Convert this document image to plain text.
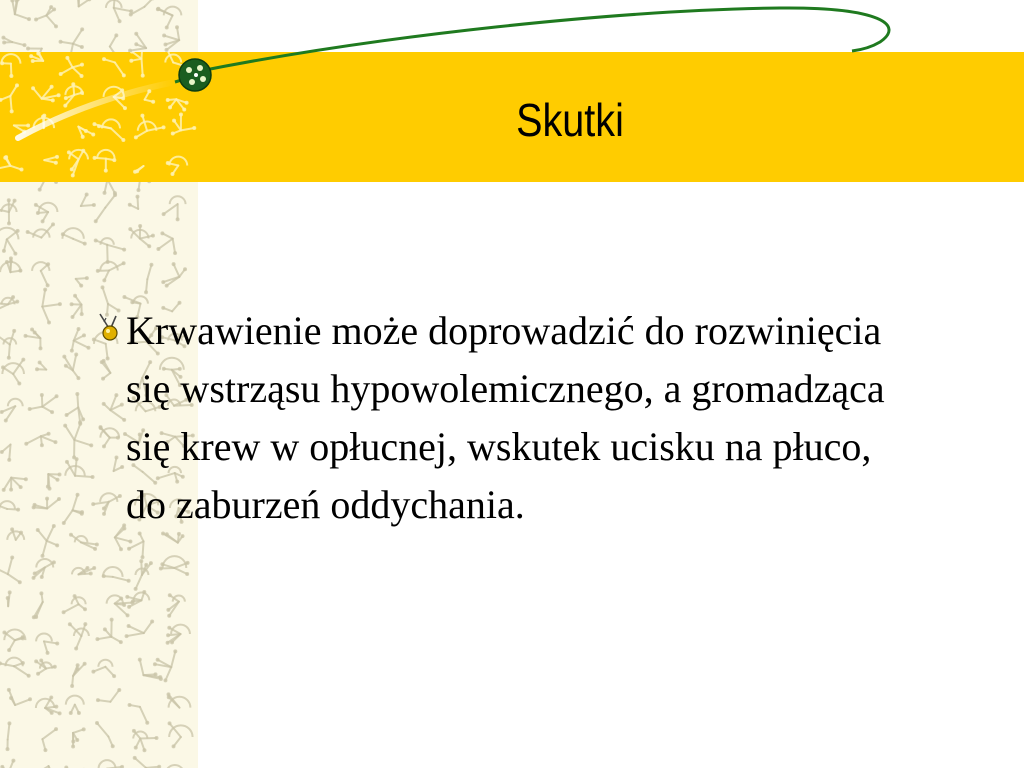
Skutki

Krwawienie może doprowadzić do rozwinięcia się wstrząsu hypowolemicznego, a gromadząca się krew w opłucnej, wskutek ucisku na płuco, do zaburzeń oddychania.
